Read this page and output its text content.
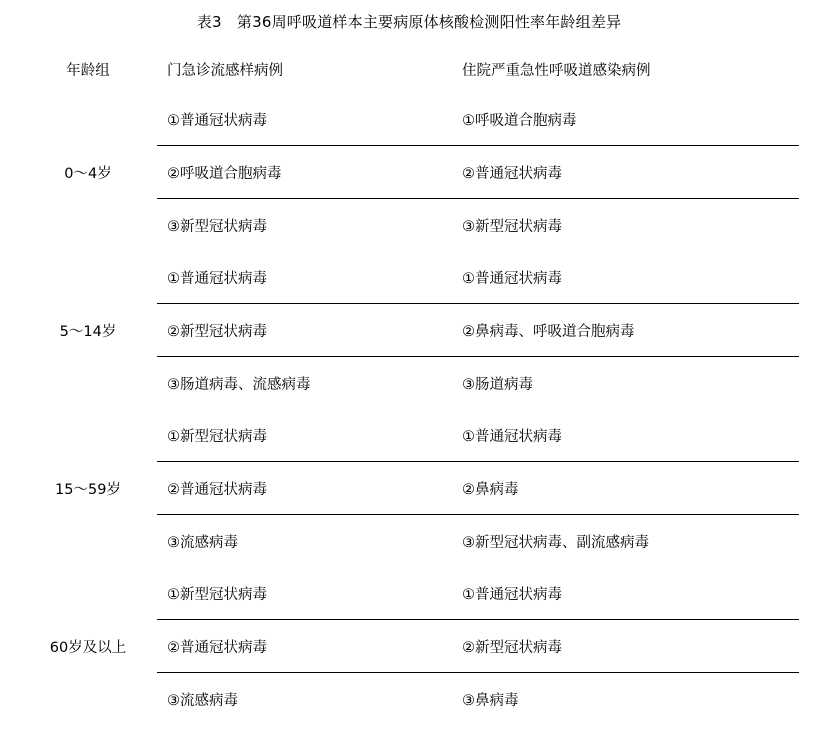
表3　第36周呼吸道样本主要病原体核酸检测阳性率年龄组差异
年龄组	门急诊流感样病例	住院严重急性呼吸道感染病例
0～4岁	①普通冠状病毒	①呼吸道合胞病毒
	②呼吸道合胞病毒	②普通冠状病毒
	③新型冠状病毒	③新型冠状病毒
5～14岁	①普通冠状病毒	①普通冠状病毒
	②新型冠状病毒	②鼻病毒、呼吸道合胞病毒
	③肠道病毒、流感病毒	③肠道病毒
15～59岁	①新型冠状病毒	①普通冠状病毒
	②普通冠状病毒	②鼻病毒
	③流感病毒	③新型冠状病毒、副流感病毒
60岁及以上	①新型冠状病毒	①普通冠状病毒
	②普通冠状病毒	②新型冠状病毒
	③流感病毒	③鼻病毒
